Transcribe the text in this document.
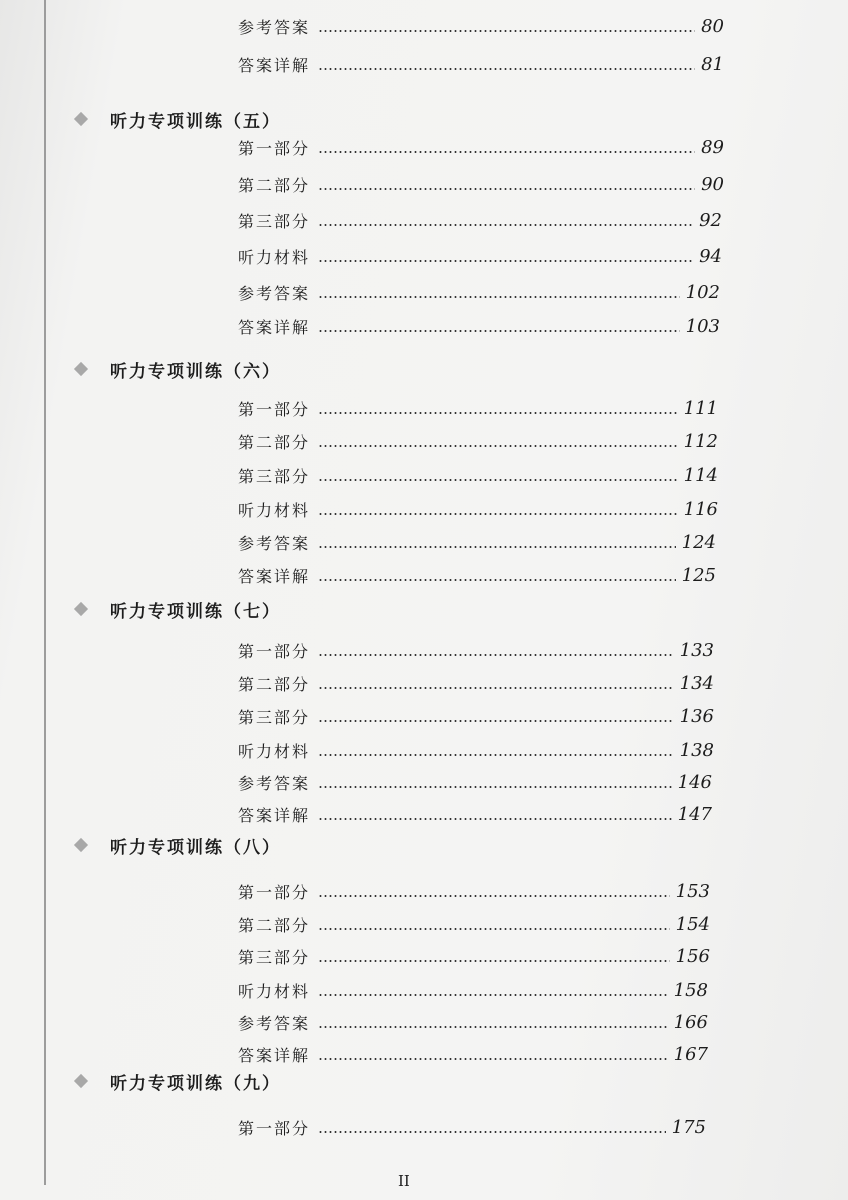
参考答案	80
答案详解	81
听力专项训练（五）
第一部分	89
第二部分	90
第三部分	92
听力材料	94
参考答案	102
答案详解	103
听力专项训练（六）
第一部分	111
第二部分	112
第三部分	114
听力材料	116
参考答案	124
答案详解	125
听力专项训练（七）
第一部分	133
第二部分	134
第三部分	136
听力材料	138
参考答案	146
答案详解	147
听力专项训练（八）
第一部分	153
第二部分	154
第三部分	156
听力材料	158
参考答案	166
答案详解	167
听力专项训练（九）
第一部分	175
II
